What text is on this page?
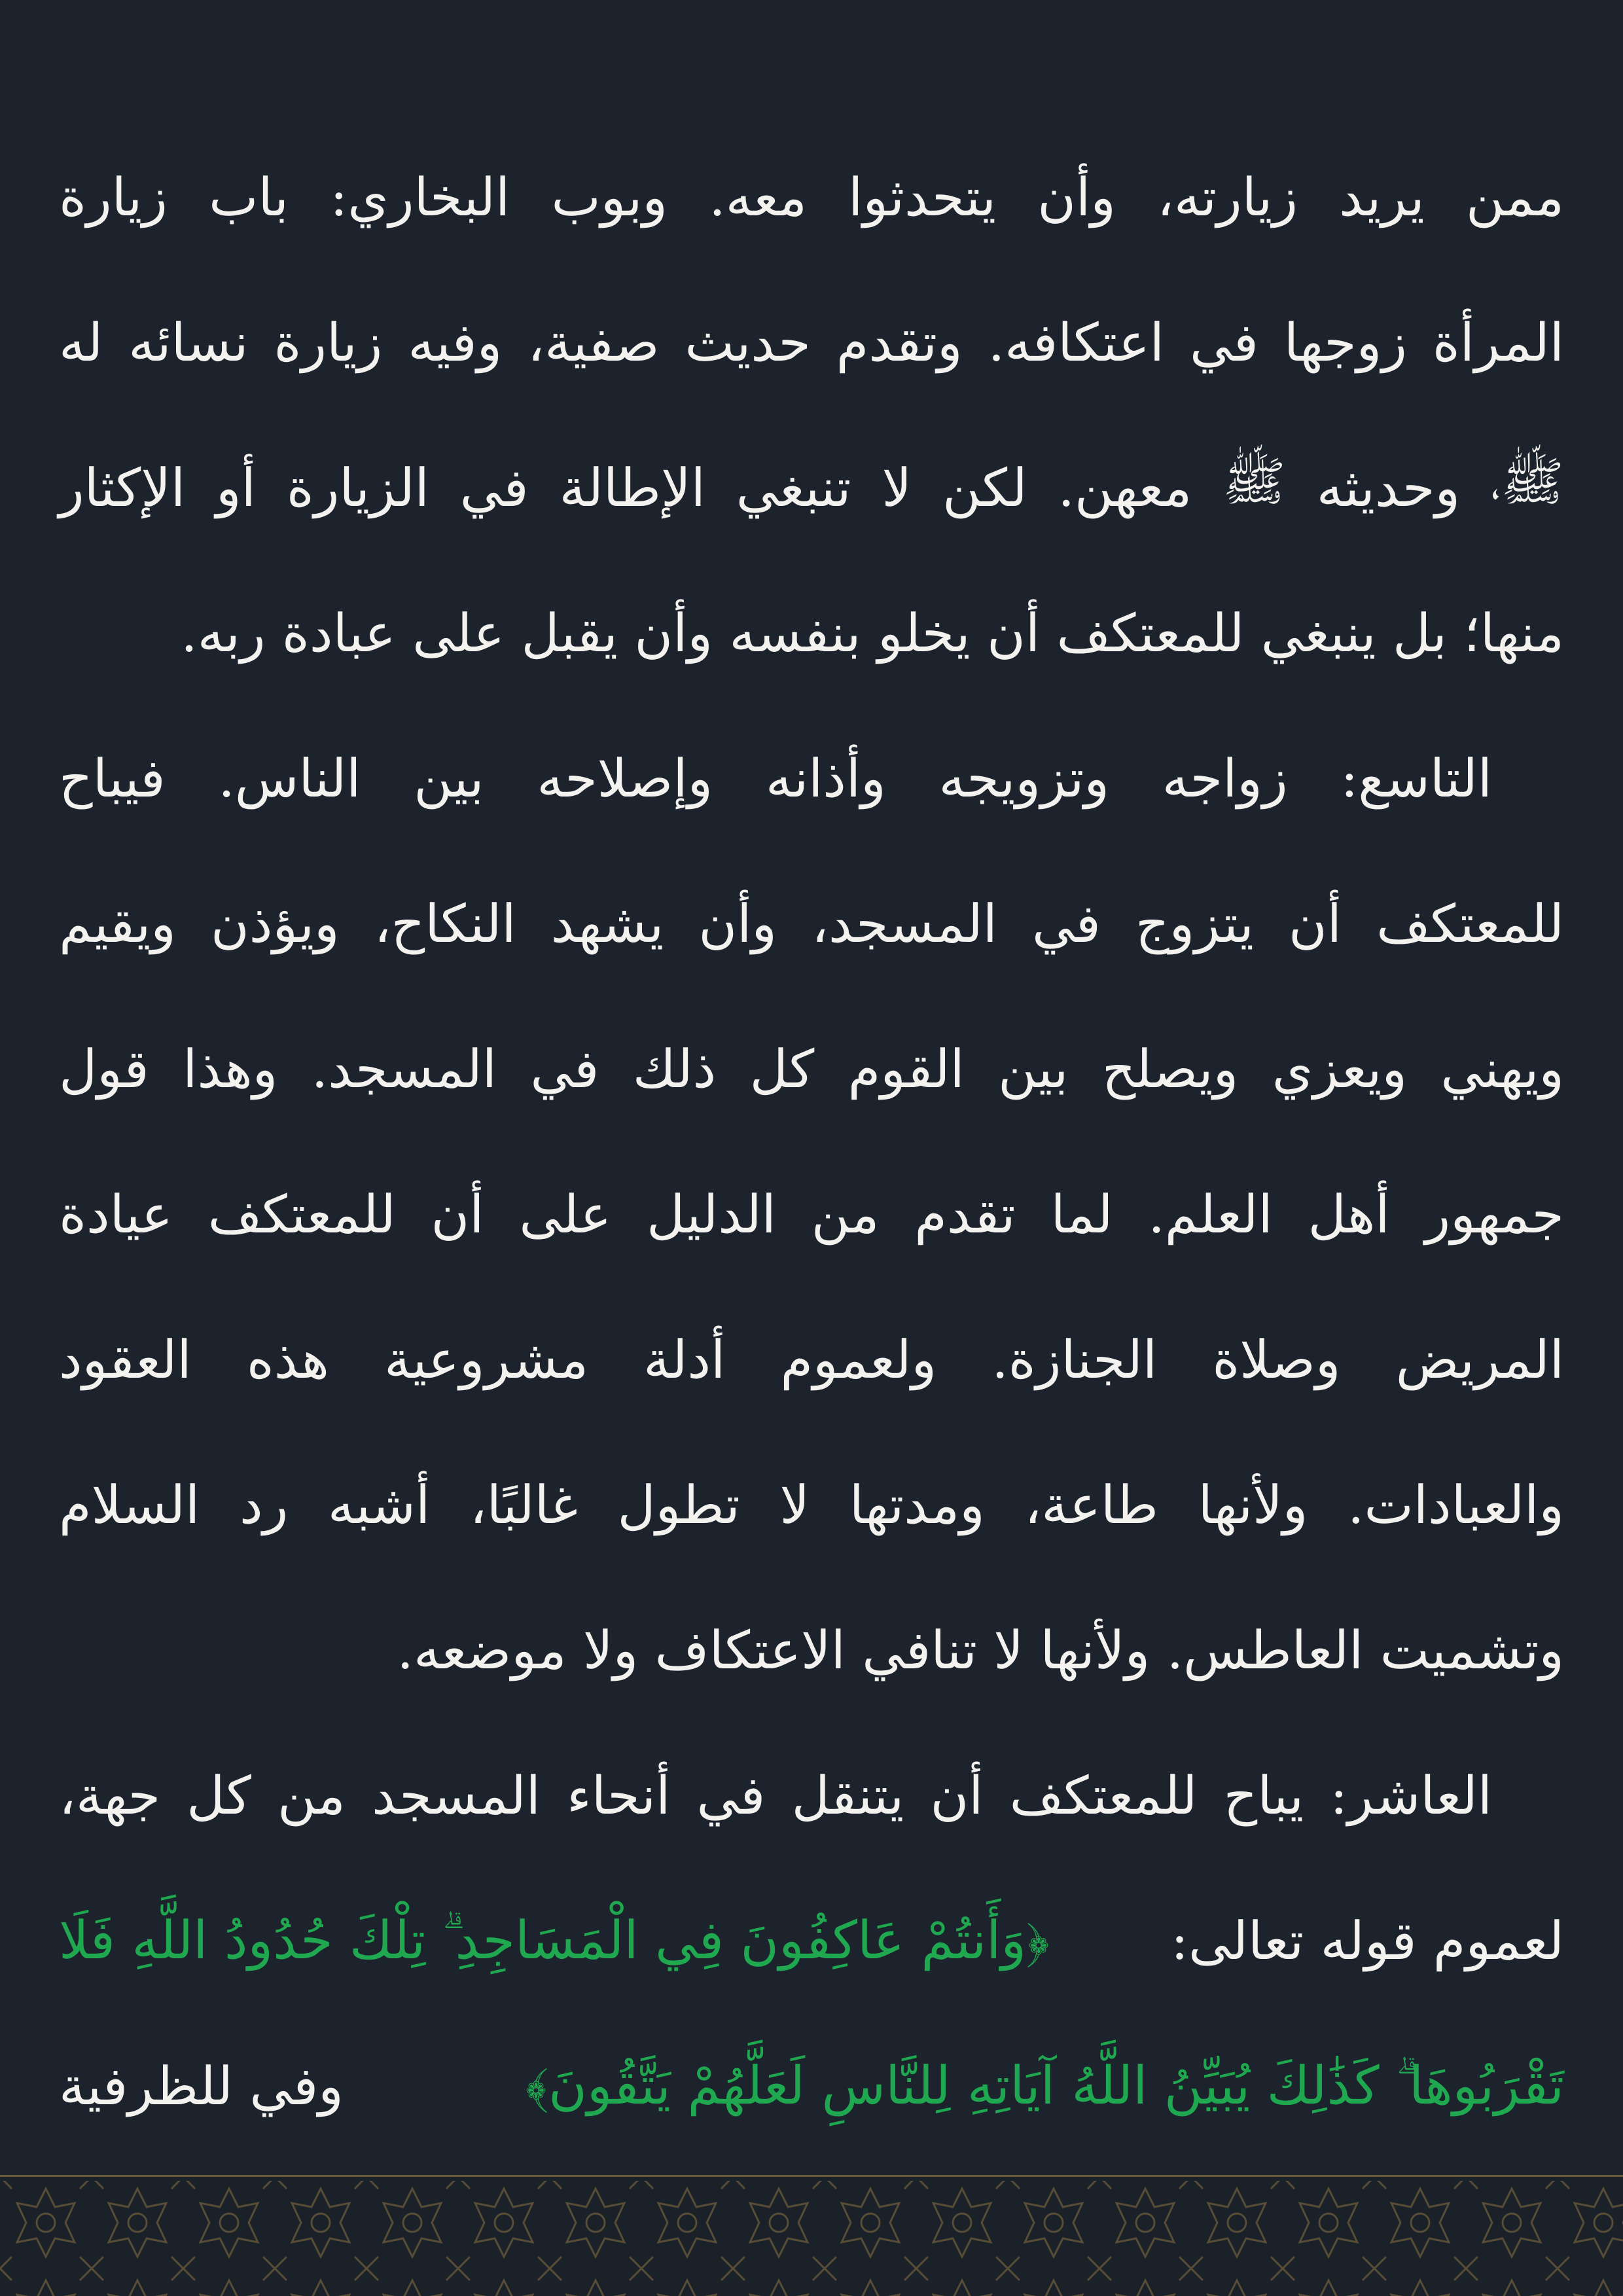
ممن
يريد
زيارته،
وأن
يتحدثوا
معه.
وبوب
البخاري:
باب
زيارة
المرأة
زوجها
في
اعتكافه.
وتقدم
حديث
صفية،
وفيه
زيارة
نسائه
له
ﷺ،
وحديثه
ﷺ
معهن.
لكن
لا
تنبغي
الإطالة
في
الزيارة
أو
الإكثار
منها؛ بل ينبغي للمعتكف أن يخلو بنفسه وأن يقبل على عبادة ربه.
التاسع:
زواجه
وتزويجه
وأذانه
وإصلاحه
بين
الناس.
فيباح
للمعتكف
أن
يتزوج
في
المسجد،
وأن
يشهد
النكاح،
ويؤذن
ويقيم
ويهني
ويعزي
ويصلح
بين
القوم
كل
ذلك
في
المسجد.
وهذا
قول
جمهور
أهل
العلم.
لما
تقدم
من
الدليل
على
أن
للمعتكف
عيادة
المريض
وصلاة
الجنازة.
ولعموم
أدلة
مشروعية
هذه
العقود
والعبادات.
ولأنها
طاعة،
ومدتها
لا
تطول
غالبًا،
أشبه
رد
السلام
وتشميت العاطس. ولأنها لا تنافي الاعتكاف ولا موضعه.
العاشر:
يباح
للمعتكف
أن
يتنقل
في
أنحاء
المسجد
من
كل
جهة،
لعموم قوله تعالى:
﴿وَأَنتُمْ عَاكِفُونَ فِي الْمَسَاجِدِ ۗ تِلْكَ حُدُودُ اللَّهِ فَلَا
تَقْرَبُوهَا ۗ كَذَٰلِكَ يُبَيِّنُ اللَّهُ آيَاتِهِ لِلنَّاسِ لَعَلَّهُمْ يَتَّقُونَ﴾
وفي للظرفية
